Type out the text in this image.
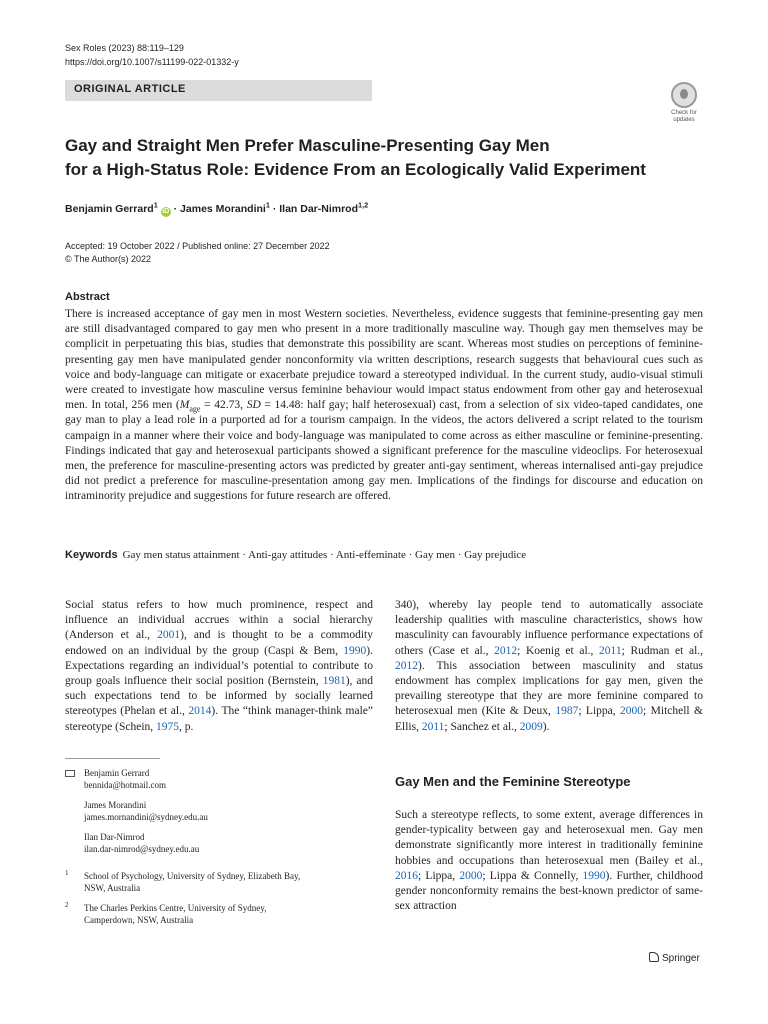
Sex Roles (2023) 88:119–129
https://doi.org/10.1007/s11199-022-01332-y
ORIGINAL ARTICLE
Check for updates
Gay and Straight Men Prefer Masculine-Presenting Gay Men
for a High-Status Role: Evidence From an Ecologically Valid Experiment
Benjamin Gerrard$^1$ iD · James Morandini$^1$ · Ilan Dar-Nimrod$^{1,2}$
Accepted: 19 October 2022 / Published online: 27 December 2022
© The Author(s) 2022
Abstract
There is increased acceptance of gay men in most Western societies. Nevertheless, evidence suggests that feminine-presenting gay men are still disadvantaged compared to gay men who present in a more traditionally masculine way. Though gay men themselves may be complicit in perpetuating this bias, studies that demonstrate this possibility are scant. Whereas most studies on perceptions of feminine-presenting gay men have manipulated gender nonconformity via written descriptions, research suggests that behavioural cues such as voice and body-language can mitigate or exacerbate prejudice toward a stereotyped individual. In the current study, audio-visual stimuli were created to investigate how masculine versus feminine behaviour would impact status endowment from other gay and heterosexual men. In total, 256 men ($M_{age} = 42.73$, SD = 14.48: half gay; half heterosexual) cast, from a selection of six video-taped candidates, one gay man to play a lead role in a purported ad for a tourism campaign. In the videos, the actors delivered a script related to the tourism campaign in a manner where their voice and body-language was manipulated to come across as either masculine or feminine-presenting. Findings indicated that gay and heterosexual participants showed a significant preference for the masculine videoclips. For heterosexual men, the preference for masculine-presenting actors was predicted by greater anti-gay sentiment, whereas internalised anti-gay prejudice did not predict a preference for masculine-presentation among gay men. Implications of the findings for discourse and education on intraminority prejudice and suggestions for future research are offered.
Keywords Gay men status attainment · Anti-gay attitudes · Anti-effeminate · Gay men · Gay prejudice
Social status refers to how much prominence, respect and influence an individual accrues within a social hierarchy (Anderson et al., 2001), and is thought to be a commodity endowed on an individual by the group (Caspi & Bem, 1990). Expectations regarding an individual’s potential to contribute to group goals influence their social position (Bernstein, 1981), and such expectations tend to be informed by socially learned stereotypes (Phelan et al., 2014). The “think manager-think male” stereotype (Schein, 1975, p.
340), whereby lay people tend to automatically associate leadership qualities with masculine characteristics, shows how masculinity can favourably influence performance expectations of others (Case et al., 2012; Koenig et al., 2011; Rudman et al., 2012). This association between masculinity and status endowment has complex implications for gay men, given the prevailing stereotype that they are more feminine compared to heterosexual men (Kite & Deux, 1987; Lippa, 2000; Mitchell & Ellis, 2011; Sanchez et al., 2009).
Gay Men and the Feminine Stereotype
Such a stereotype reflects, to some extent, average differences in gender-typicality between gay and heterosexual men. Gay men demonstrate significantly more interest in traditionally feminine hobbies and occupations than heterosexual men (Bailey et al., 2016; Lippa, 2000; Lippa & Connelly, 1990). Further, childhood gender nonconformity remains the best-known predictor of same-sex attraction
Benjamin Gerrard
bennida@hotmail.com
James Morandini
james.mornandini@sydney.edu.au
Ilan Dar-Nimrod
ilan.dar-nimrod@sydney.edu.au
1 School of Psychology, University of Sydney, Elizabeth Bay,
NSW, Australia
2 The Charles Perkins Centre, University of Sydney,
Camperdown, NSW, Australia
Springer
